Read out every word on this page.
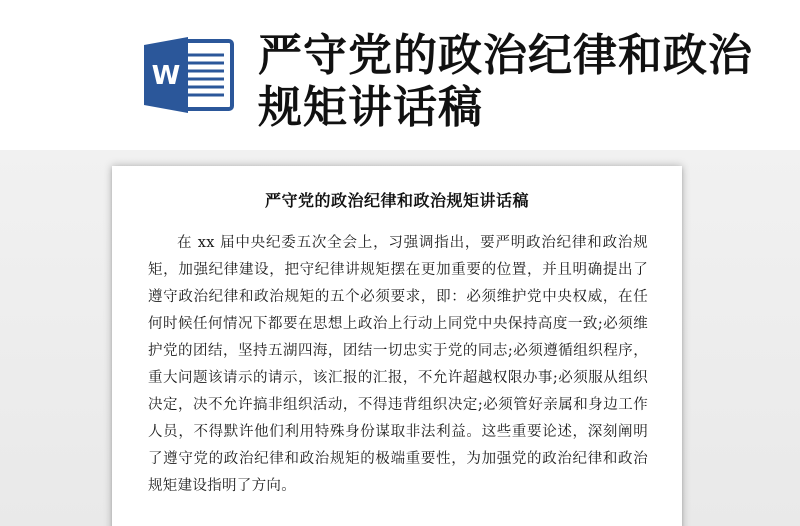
W 严守党的政治纪律和政治规矩讲话稿
严守党的政治纪律和政治规矩讲话稿

在 xx 届中央纪委五次全会上，习强调指出，要严明政治纪律和政治规矩，加强纪律建设，把守纪律讲规矩摆在更加重要的位置，并且明确提出了遵守政治纪律和政治规矩的五个必须要求，即：必须维护党中央权威，在任何时候任何情况下都要在思想上政治上行动上同党中央保持高度一致;必须维护党的团结，坚持五湖四海，团结一切忠实于党的同志;必须遵循组织程序，重大问题该请示的请示，该汇报的汇报，不允许超越权限办事;必须服从组织决定，决不允许搞非组织活动，不得违背组织决定;必须管好亲属和身边工作人员，不得默许他们利用特殊身份谋取非法利益。这些重要论述，深刻阐明了遵守党的政治纪律和政治规矩的极端重要性，为加强党的政治纪律和政治规矩建设指明了方向。
